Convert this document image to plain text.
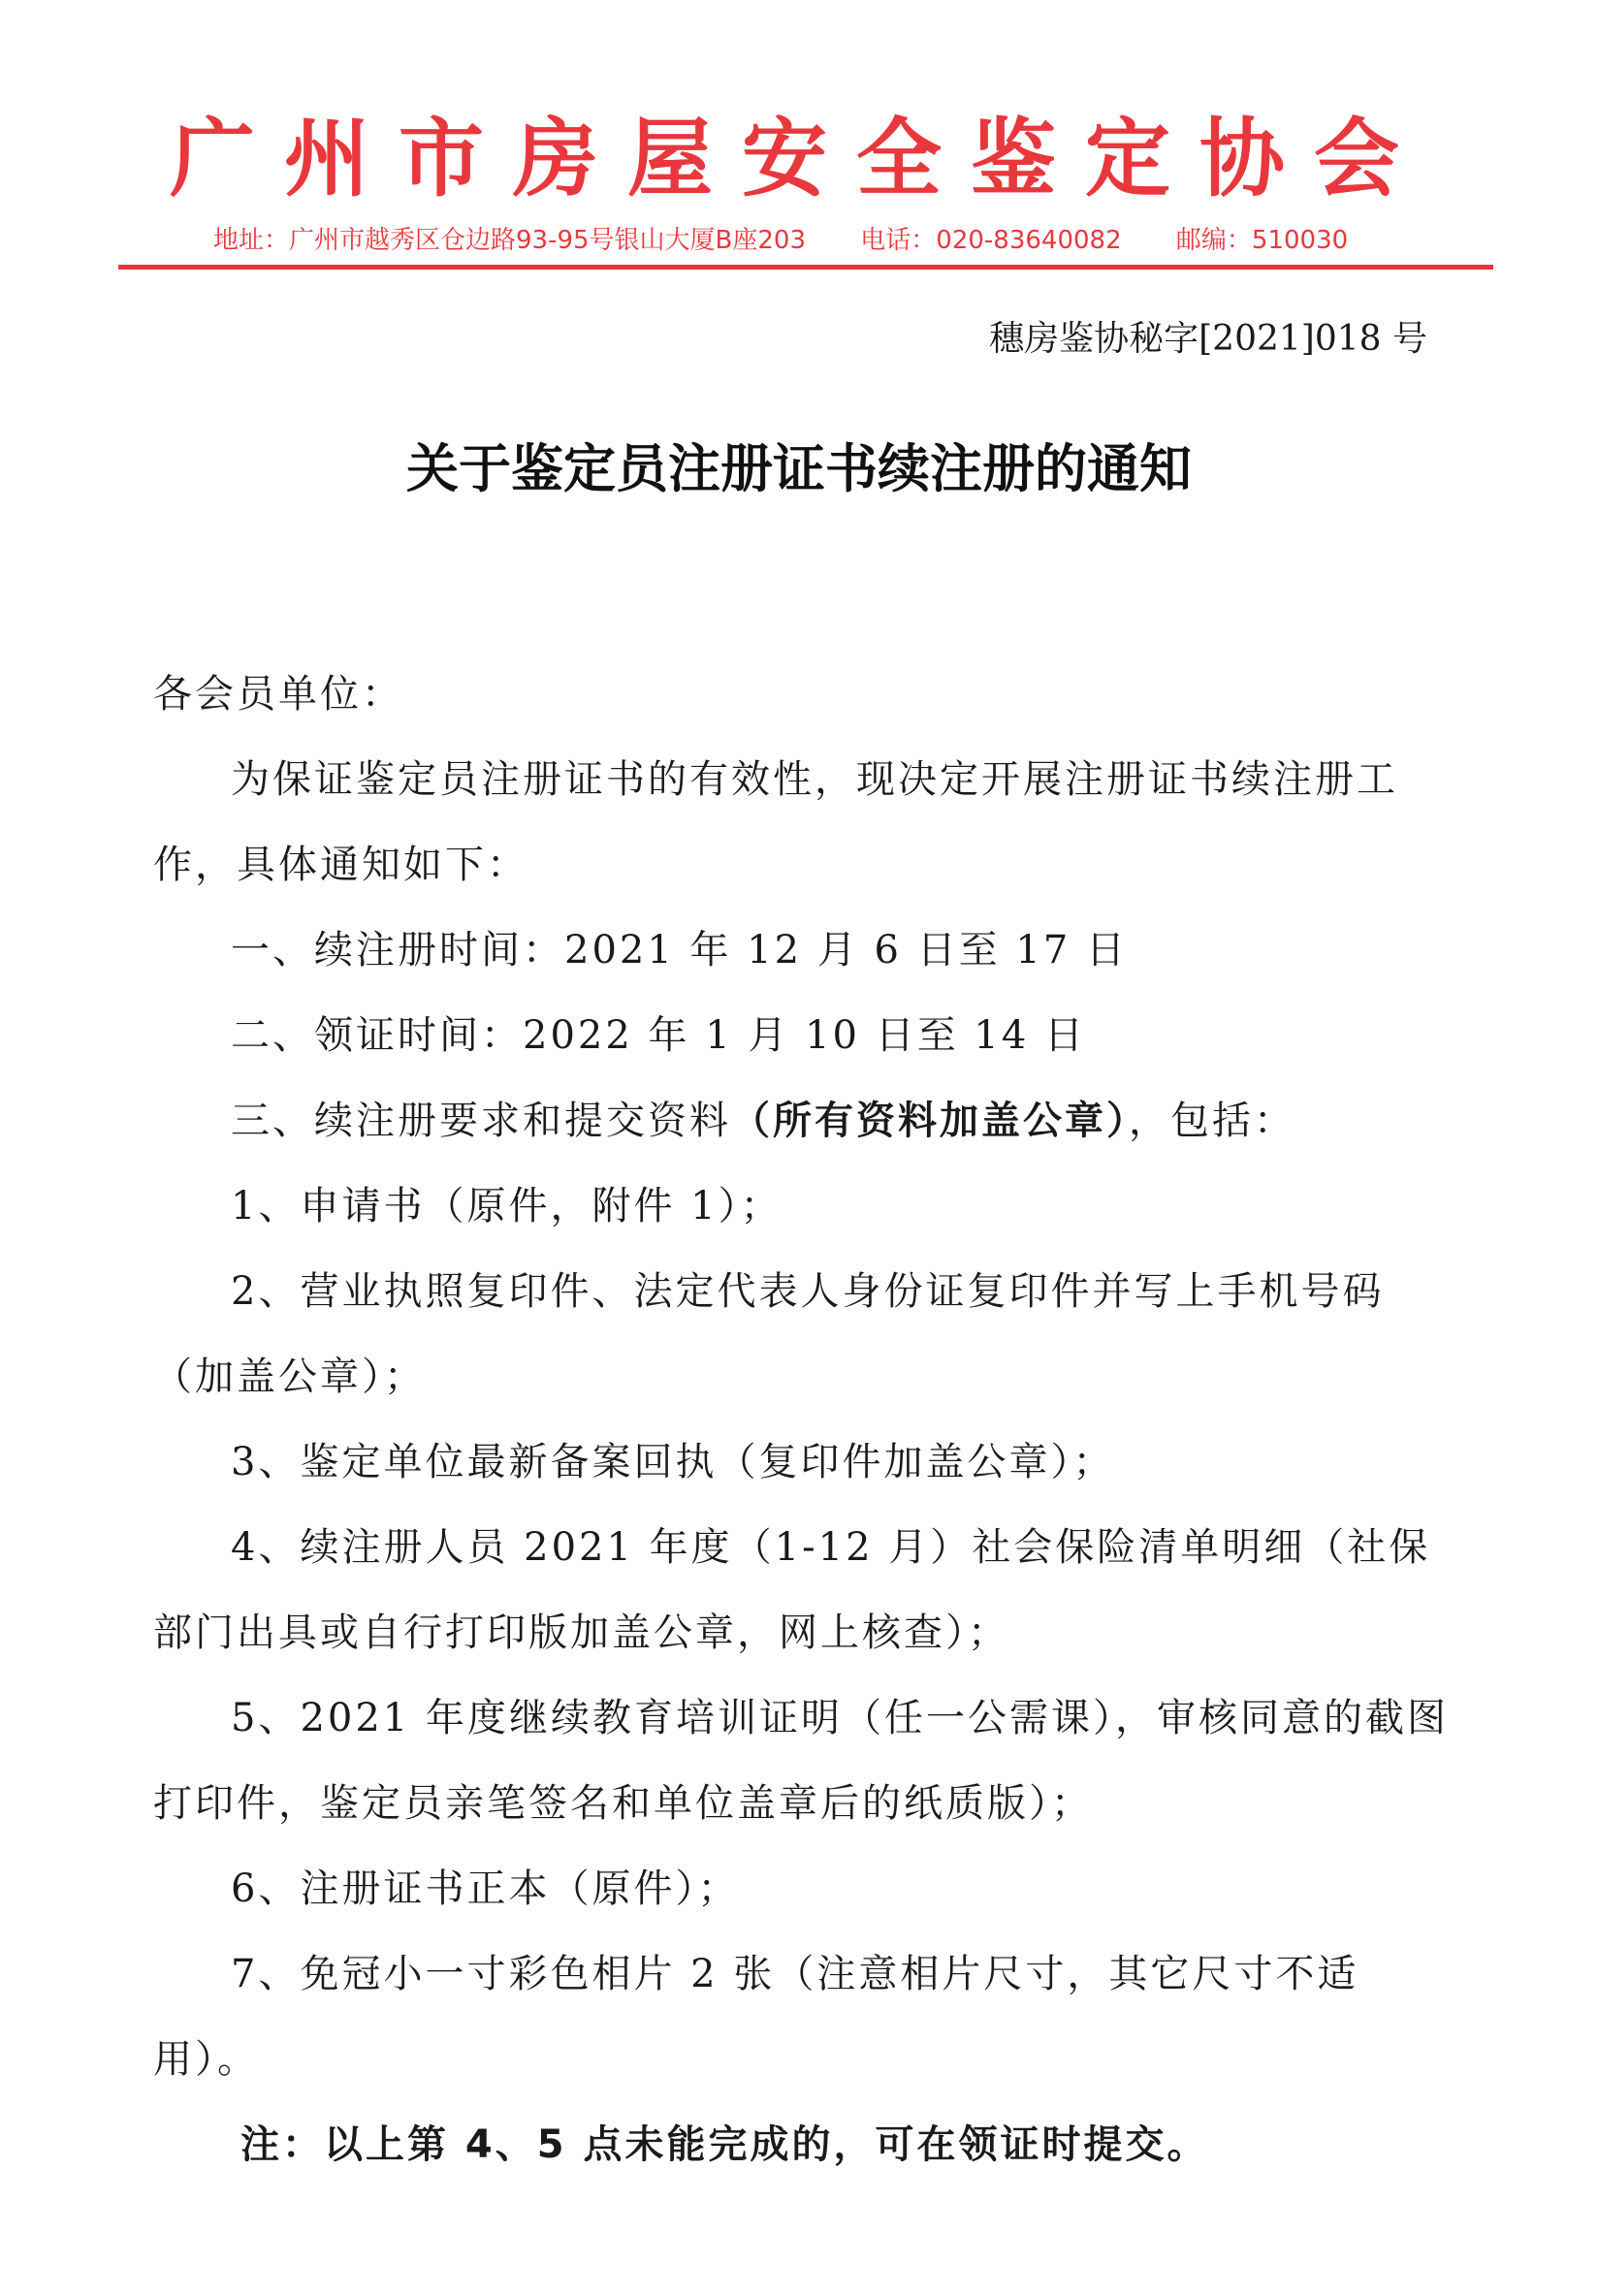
广州市房屋安全鉴定协会
地址：广州市越秀区仓边路93-95号银山大厦B座203 电话：020-83640082 邮编：510030
穗房鉴协秘字[2021]018 号
关于鉴定员注册证书续注册的通知

各会员单位：

为保证鉴定员注册证书的有效性，现决定开展注册证书续注册工作，具体通知如下：

一、续注册时间：2021 年 12 月 6 日至 17 日

二、领证时间：2022 年 1 月 10 日至 14 日

三、续注册要求和提交资料（所有资料加盖公章），包括：

1、申请书（原件，附件 1）；

2、营业执照复印件、法定代表人身份证复印件并写上手机号码（加盖公章）；

3、鉴定单位最新备案回执（复印件加盖公章）；

4、续注册人员 2021 年度（1-12 月）社会保险清单明细（社保部门出具或自行打印版加盖公章，网上核查）；

5、2021 年度继续教育培训证明（任一公需课），审核同意的截图打印件，鉴定员亲笔签名和单位盖章后的纸质版）；

6、注册证书正本（原件）；

7、免冠小一寸彩色相片 2 张（注意相片尺寸，其它尺寸不适用）。

注：以上第 4、5 点未能完成的，可在领证时提交。
